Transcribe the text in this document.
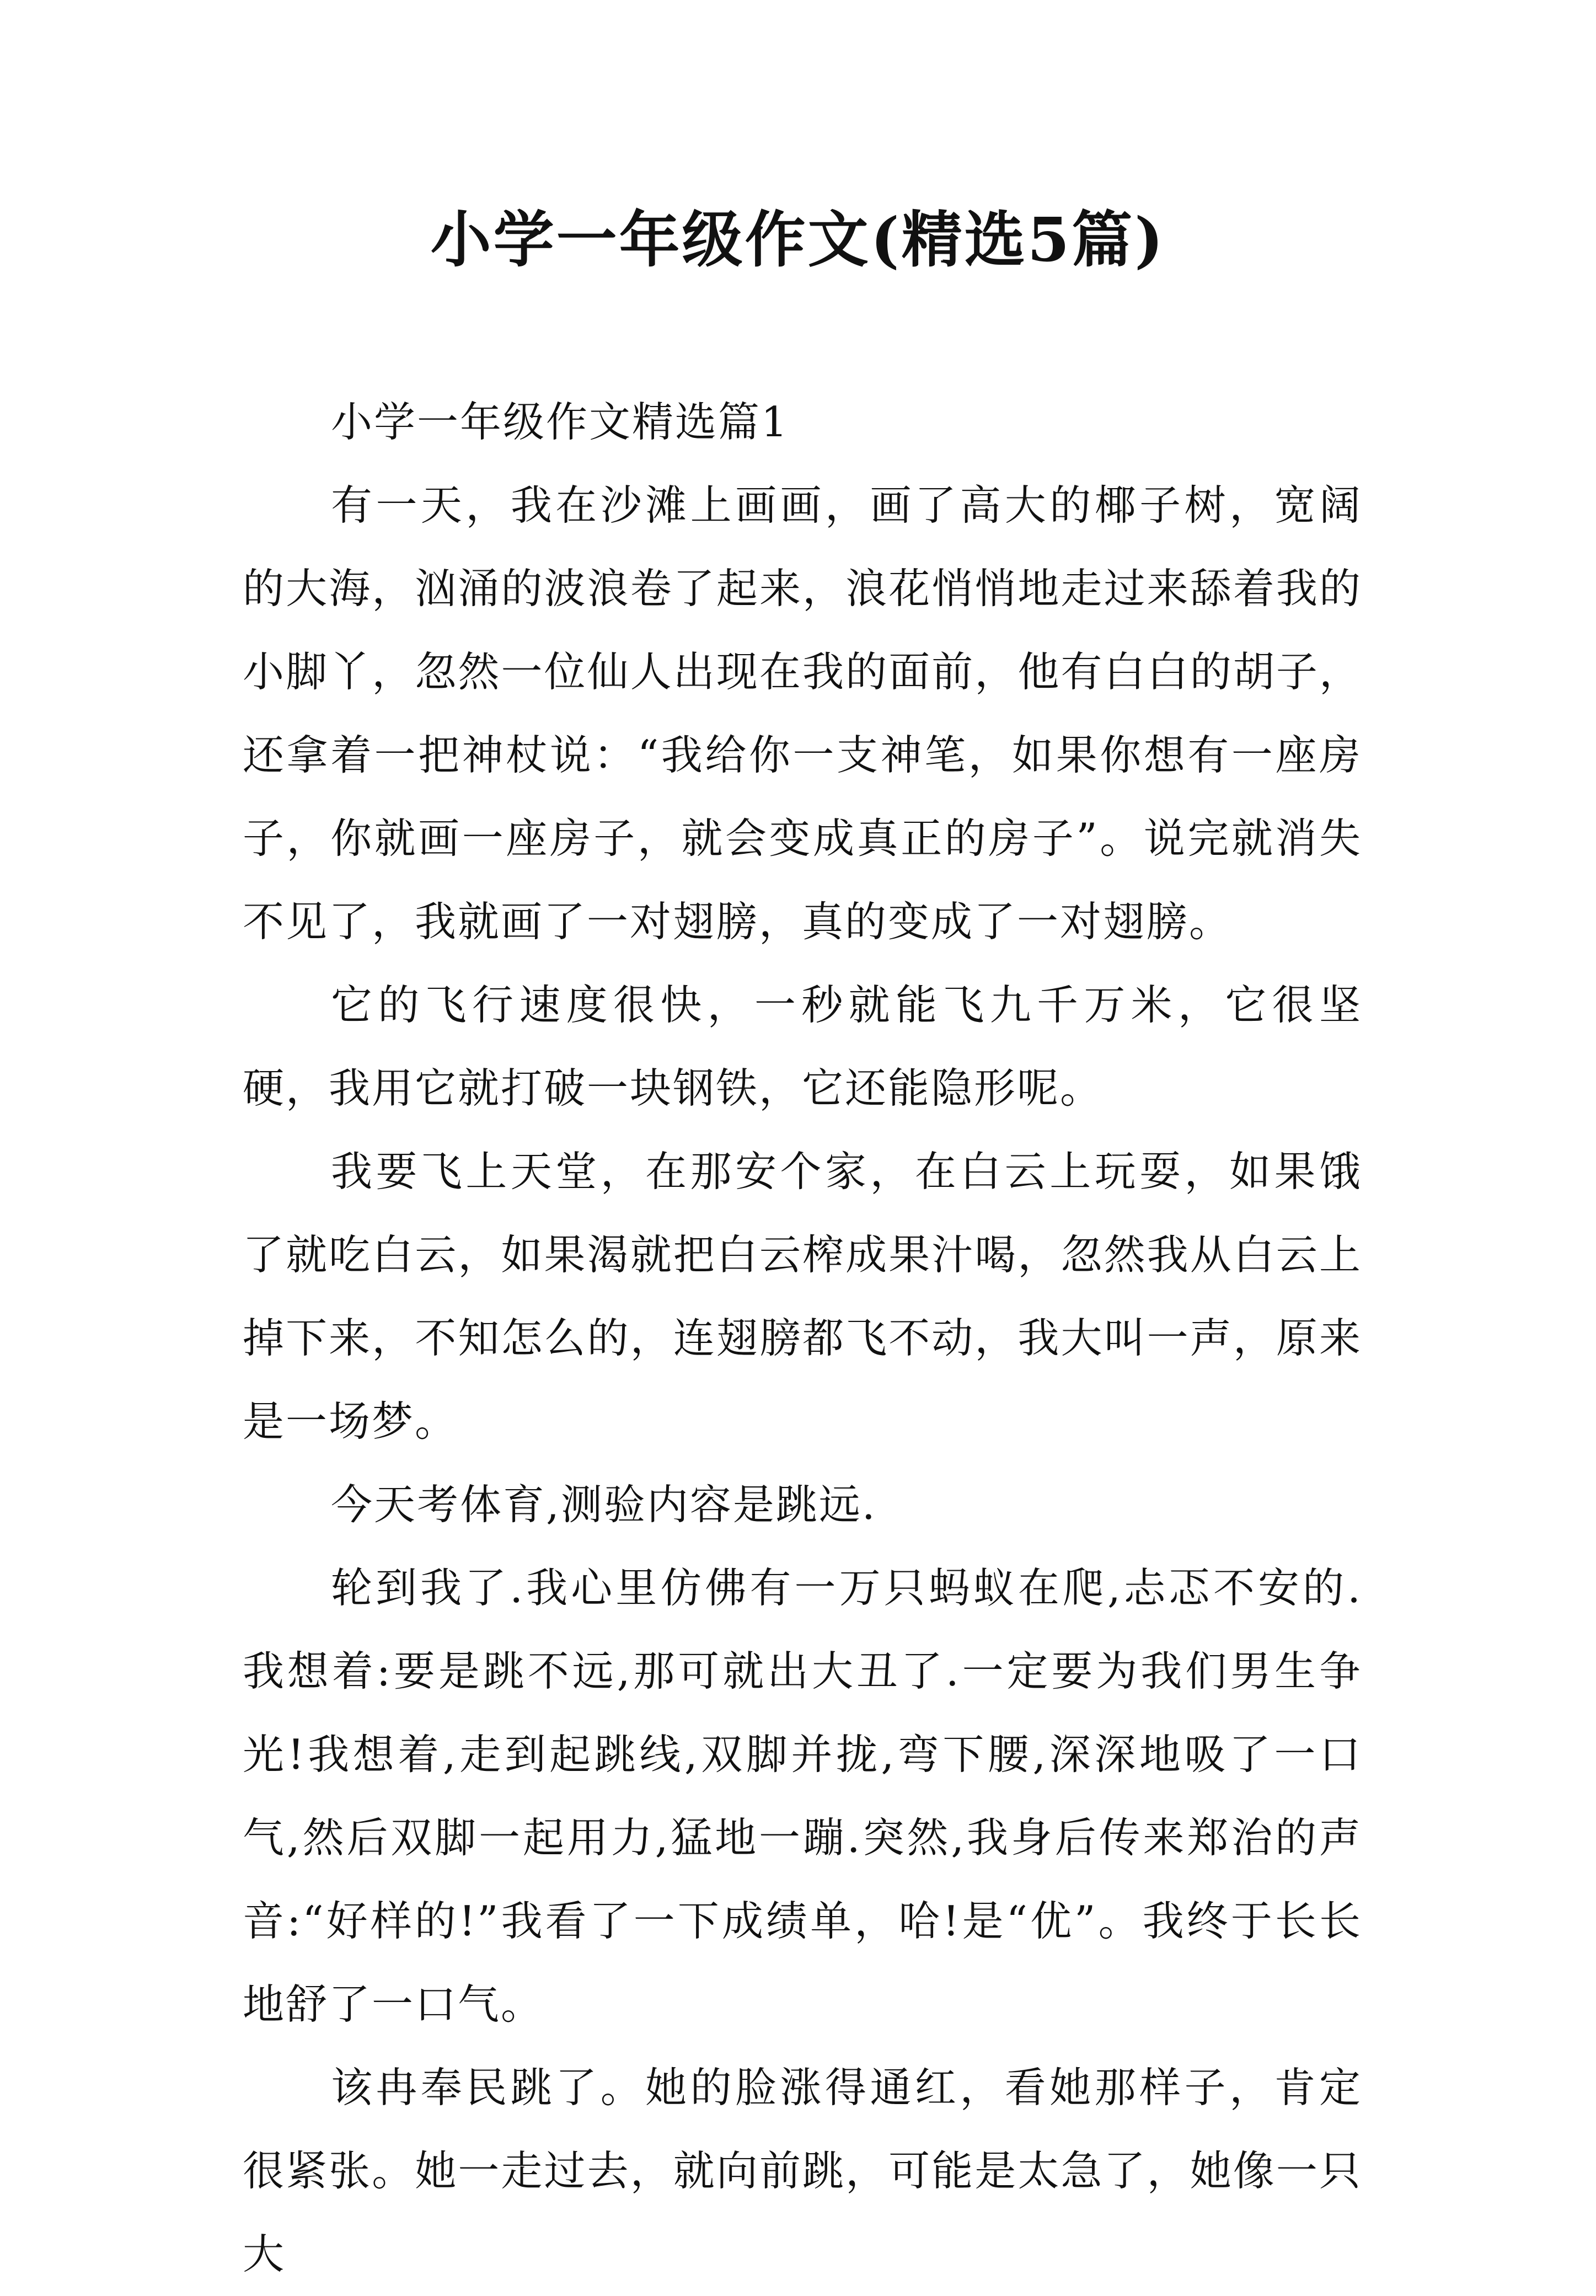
小学一年级作文(精选5篇)

小学一年级作文精选篇1

有一天，我在沙滩上画画，画了高大的椰子树，宽阔的大海，汹涌的波浪卷了起来，浪花悄悄地走过来舔着我的小脚丫，忽然一位仙人出现在我的面前，他有白白的胡子，还拿着一把神杖说：“我给你一支神笔，如果你想有一座房子，你就画一座房子，就会变成真正的房子”。说完就消失不见了，我就画了一对翅膀，真的变成了一对翅膀。

它的飞行速度很快，一秒就能飞九千万米，它很坚硬，我用它就打破一块钢铁，它还能隐形呢。

我要飞上天堂，在那安个家，在白云上玩耍，如果饿了就吃白云，如果渴就把白云榨成果汁喝，忽然我从白云上掉下来，不知怎么的，连翅膀都飞不动，我大叫一声，原来是一场梦。

今天考体育,测验内容是跳远.

轮到我了.我心里仿佛有一万只蚂蚁在爬,忐忑不安的.我想着:要是跳不远,那可就出大丑了.一定要为我们男生争光!我想着,走到起跳线,双脚并拢,弯下腰,深深地吸了一口气,然后双脚一起用力,猛地一蹦.突然,我身后传来郑治的声音:“好样的!”我看了一下成绩单，哈!是“优”。我终于长长地舒了一口气。

该冉奉民跳了。她的脸涨得通红，看她那样子，肯定很紧张。她一走过去，就向前跳，可能是太急了，她像一只大
